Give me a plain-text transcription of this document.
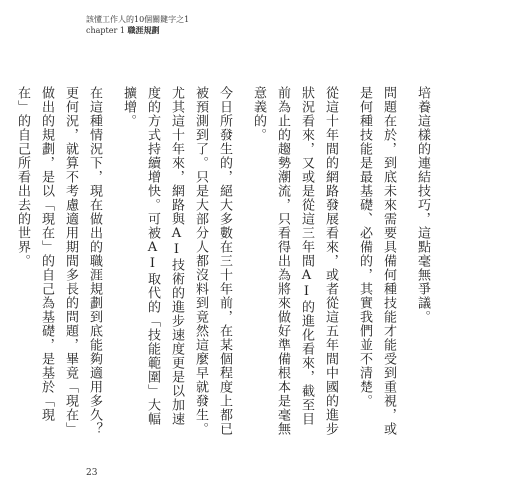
該懂工作人的10個關鍵字之1
chapter 1 職涯規劃

培養這樣的連結技巧，這點毫無爭議。

問題在於，到底未來需要具備何種技能才能受到重視，或是何種技能是最基礎、必備的，其實我們並不清楚。

從這十年間的網路發展看來，或者從這五年間中國的進步狀況看來，又或是從這三年間AI的進化看來，截至目前為止的趨勢潮流，只看得出為將來做好準備根本是毫無意義的。

今日所發生的，絕大多數在三十年前，在某個程度上都已被預測到了。只是大部分人都沒料到竟然這麼早就發生。尤其這十年來，網路與AI技術的進步速度更是以加速度的方式持續增快。可被AI取代的「技能範圍」大幅擴增。

在這種情況下，現在做出的職涯規劃到底能夠適用多久？

更何況，就算不考慮適用期間多長的問題，畢竟「現在」做出的規劃，是以「現在」的自己為基礎，是基於「現在」的自己所看出去的世界。

23
